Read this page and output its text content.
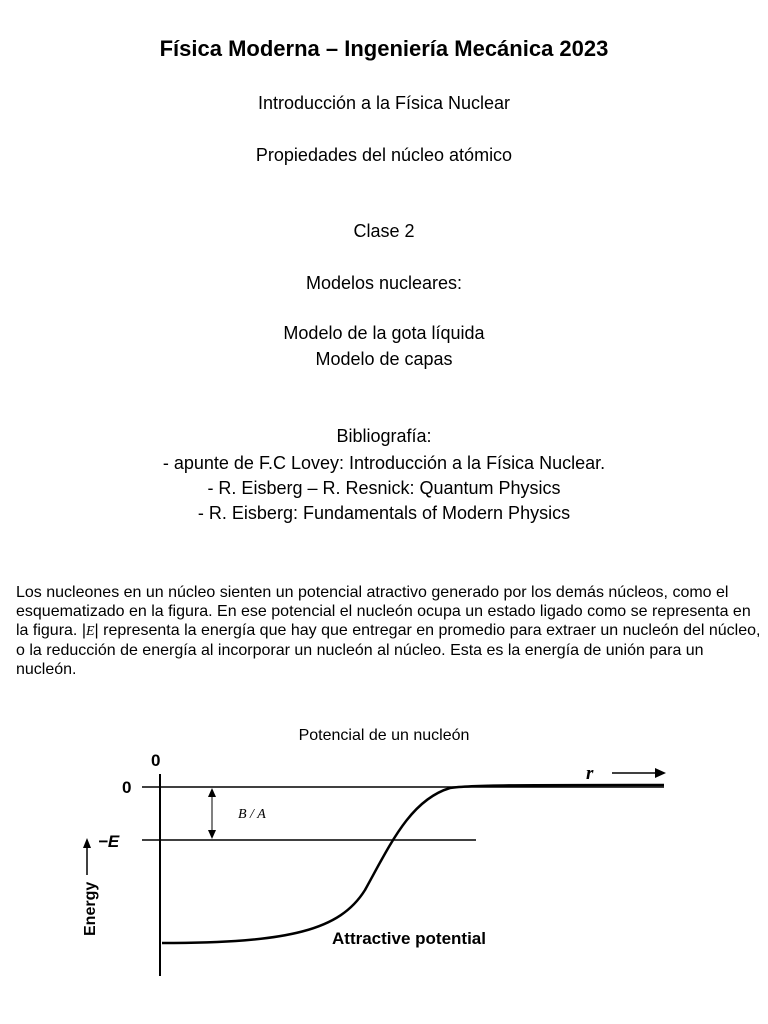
Física Moderna – Ingeniería Mecánica 2023
Introducción a la Física Nuclear
Propiedades del núcleo atómico
Clase 2
Modelos nucleares:
Modelo de la gota líquida
Modelo de capas
Bibliografía:
- apunte de F.C Lovey: Introducción a la Física Nuclear.
- R. Eisberg – R. Resnick: Quantum Physics
- R. Eisberg: Fundamentals of Modern Physics
Los nucleones en un núcleo sienten un potencial atractivo generado por los demás núcleos, como el esquematizado en la figura. En ese potencial el nucleón ocupa un estado ligado como se representa en la figura. |E| representa la energía que hay que entregar en promedio para extraer un nucleón del núcleo, o la reducción de energía al incorporar un nucleón al núcleo. Esta es la energía de unión para un nucleón.
Potencial de un nucleón
0
0
−E
r
B / A
Energy
Attractive potential
